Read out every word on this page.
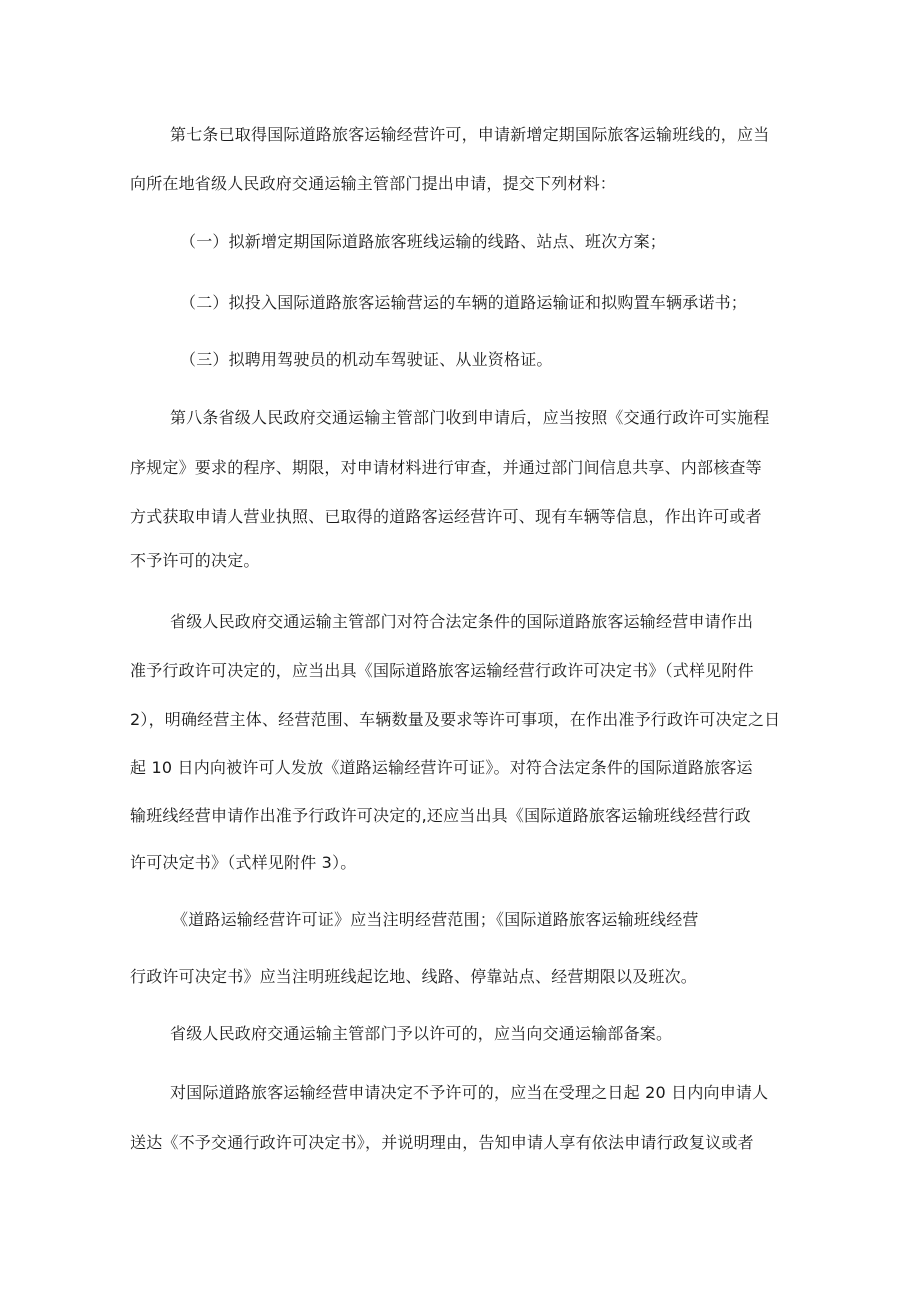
第七条已取得国际道路旅客运输经营许可，申请新增定期国际旅客运输班线的，应当
向所在地省级人民政府交通运输主管部门提出申请，提交下列材料：
（一）拟新增定期国际道路旅客班线运输的线路、站点、班次方案；
（二）拟投入国际道路旅客运输营运的车辆的道路运输证和拟购置车辆承诺书；
（三）拟聘用驾驶员的机动车驾驶证、从业资格证。
第八条省级人民政府交通运输主管部门收到申请后，应当按照《交通行政许可实施程
序规定》要求的程序、期限，对申请材料进行审查，并通过部门间信息共享、内部核查等
方式获取申请人营业执照、已取得的道路客运经营许可、现有车辆等信息，作出许可或者
不予许可的决定。
省级人民政府交通运输主管部门对符合法定条件的国际道路旅客运输经营申请作出
准予行政许可决定的，应当出具《国际道路旅客运输经营行政许可决定书》（式样见附件
2），明确经营主体、经营范围、车辆数量及要求等许可事项，在作出准予行政许可决定之日
起 10 日内向被许可人发放《道路运输经营许可证》。对符合法定条件的国际道路旅客运
输班线经营申请作出准予行政许可决定的,还应当出具《国际道路旅客运输班线经营行政
许可决定书》（式样见附件 3）。
《道路运输经营许可证》应当注明经营范围；《国际道路旅客运输班线经营
行政许可决定书》应当注明班线起讫地、线路、停靠站点、经营期限以及班次。
省级人民政府交通运输主管部门予以许可的，应当向交通运输部备案。
对国际道路旅客运输经营申请决定不予许可的，应当在受理之日起 20 日内向申请人
送达《不予交通行政许可决定书》，并说明理由，告知申请人享有依法申请行政复议或者
